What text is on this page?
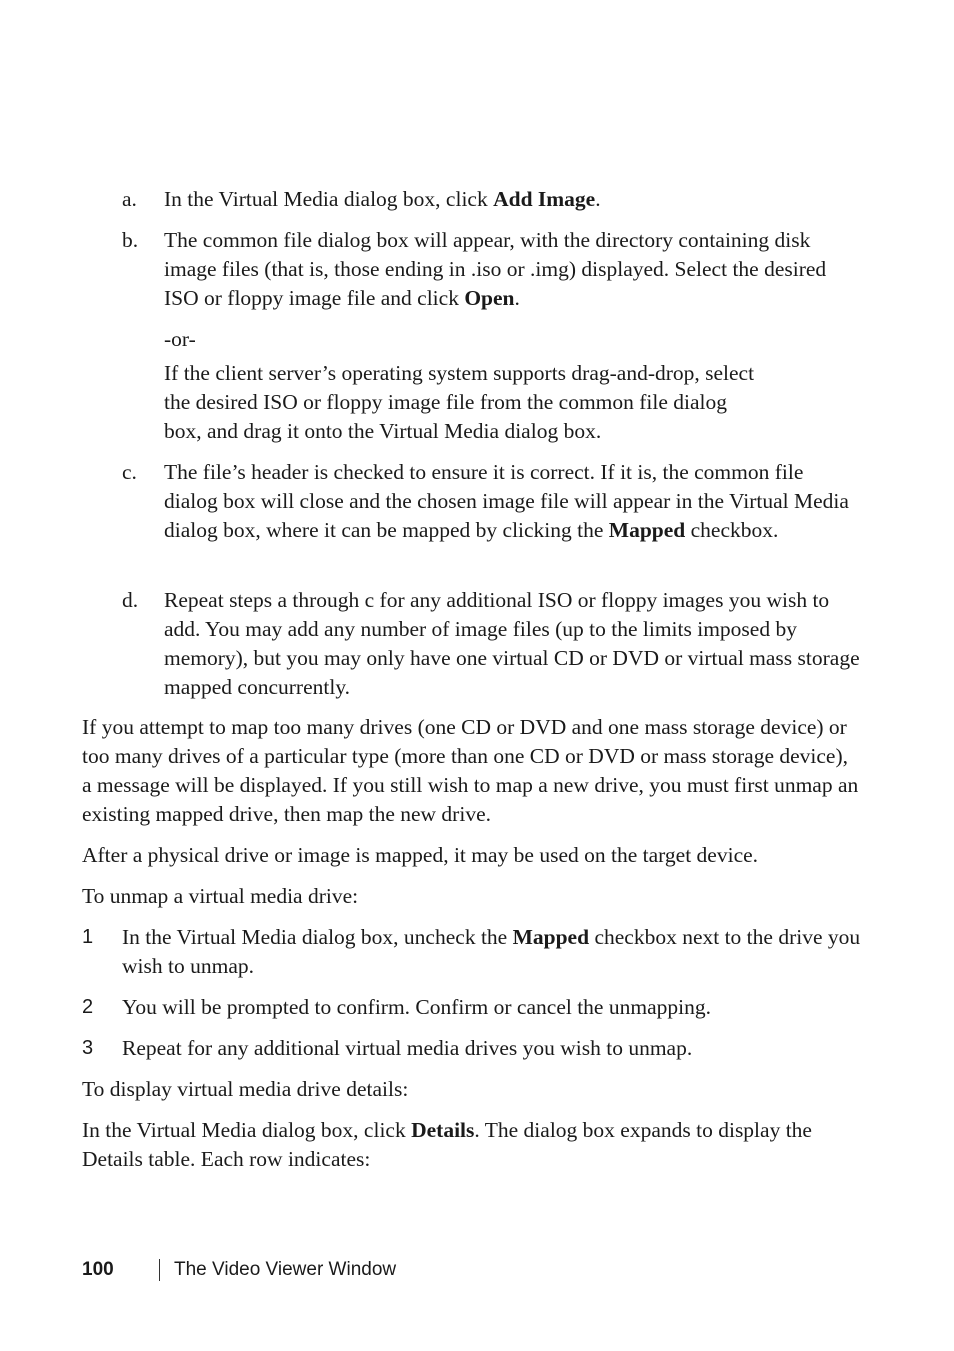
a. In the Virtual Media dialog box, click Add Image.
b. The common file dialog box will appear, with the directory containing disk image files (that is, those ending in .iso or .img) displayed. Select the desired ISO or floppy image file and click Open.
-or-
If the client server’s operating system supports drag-and-drop, select the desired ISO or floppy image file from the common file dialog box, and drag it onto the Virtual Media dialog box.
c. The file’s header is checked to ensure it is correct. If it is, the common file dialog box will close and the chosen image file will appear in the Virtual Media dialog box, where it can be mapped by clicking the Mapped checkbox.
d. Repeat steps a through c for any additional ISO or floppy images you wish to add. You may add any number of image files (up to the limits imposed by memory), but you may only have one virtual CD or DVD or virtual mass storage mapped concurrently.
If you attempt to map too many drives (one CD or DVD and one mass storage device) or too many drives of a particular type (more than one CD or DVD or mass storage device), a message will be displayed. If you still wish to map a new drive, you must first unmap an existing mapped drive, then map the new drive.
After a physical drive or image is mapped, it may be used on the target device.
To unmap a virtual media drive:
1 In the Virtual Media dialog box, uncheck the Mapped checkbox next to the drive you wish to unmap.
2 You will be prompted to confirm. Confirm or cancel the unmapping.
3 Repeat for any additional virtual media drives you wish to unmap.
To display virtual media drive details:
In the Virtual Media dialog box, click Details. The dialog box expands to display the Details table. Each row indicates:
100	The Video Viewer Window
